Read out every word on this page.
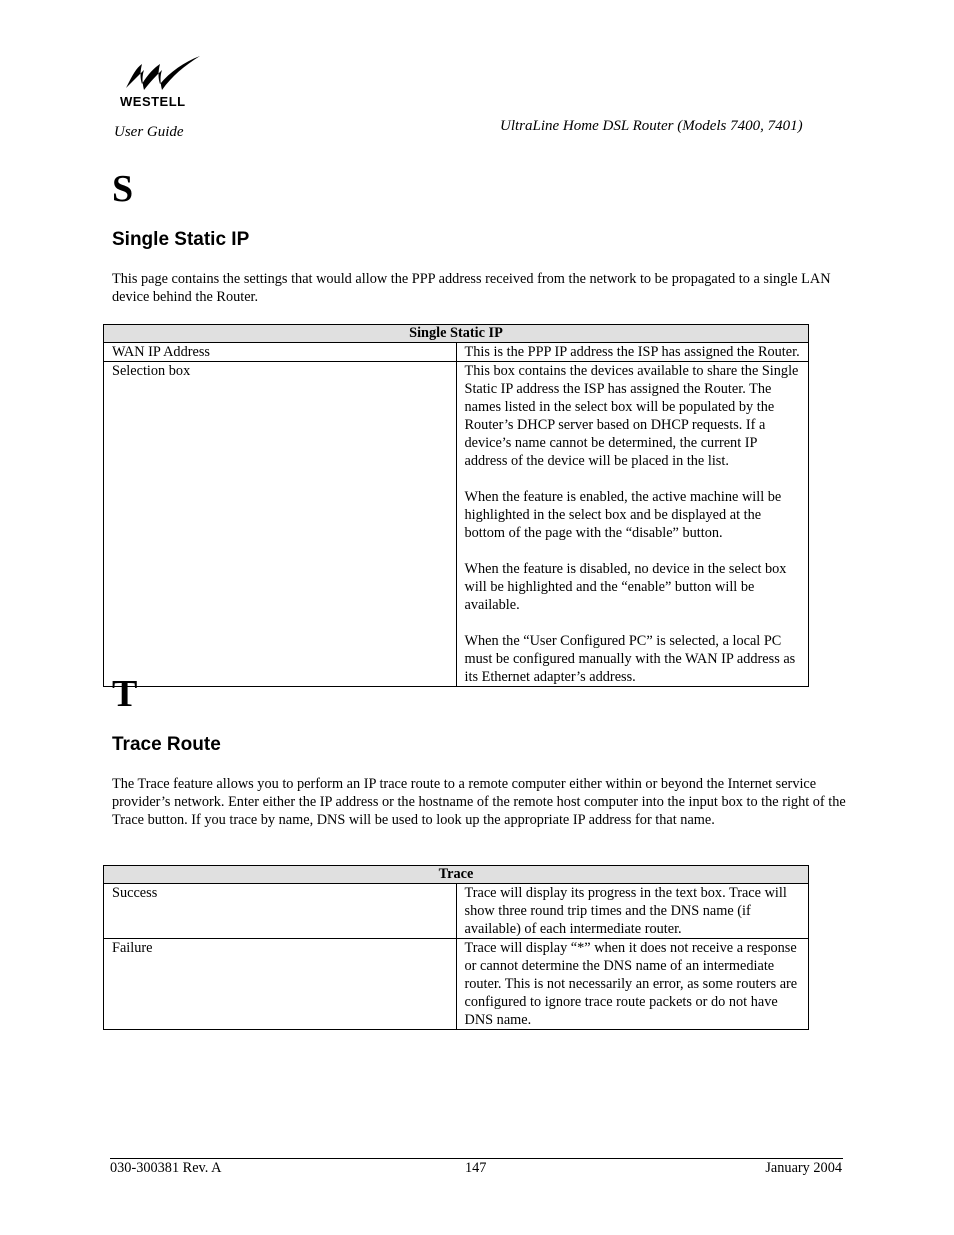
WESTELL
User Guide	UltraLine Home DSL Router (Models 7400, 7401)
S
Single Static IP
This page contains the settings that would allow the PPP address received from the network to be propagated to a single LAN device behind the Router.
Single Static IP	
WAN IP Address	This is the PPP IP address the ISP has assigned the Router.

Selection box	This box contains the devices available to share the Single Static IP address the ISP has assigned the Router. The names listed in the select box will be populated by the Router’s DHCP server based on DHCP requests. If a device’s name cannot be determined, the current IP address of the device will be placed in the list.

When the feature is enabled, the active machine will be highlighted in the select box and be displayed at the bottom of the page with the “disable” button.

When the feature is disabled, no device in the select box will be highlighted and the “enable” button will be available.

When the “User Configured PC” is selected, a local PC must be configured manually with the WAN IP address as its Ethernet adapter’s address.

T
Trace Route
The Trace feature allows you to perform an IP trace route to a remote computer either within or beyond the Internet service provider’s network. Enter either the IP address or the hostname of the remote host computer into the input box to the right of the Trace button. If you trace by name, DNS will be used to look up the appropriate IP address for that name.
Trace	
Success	Trace will display its progress in the text box. Trace will show three round trip times and the DNS name (if available) of each intermediate router.

Failure	Trace will display “*” when it does not receive a response or cannot determine the DNS name of an intermediate router. This is not necessarily an error, as some routers are configured to ignore trace route packets or do not have DNS name.

030-300381 Rev. A	147	January 2004
